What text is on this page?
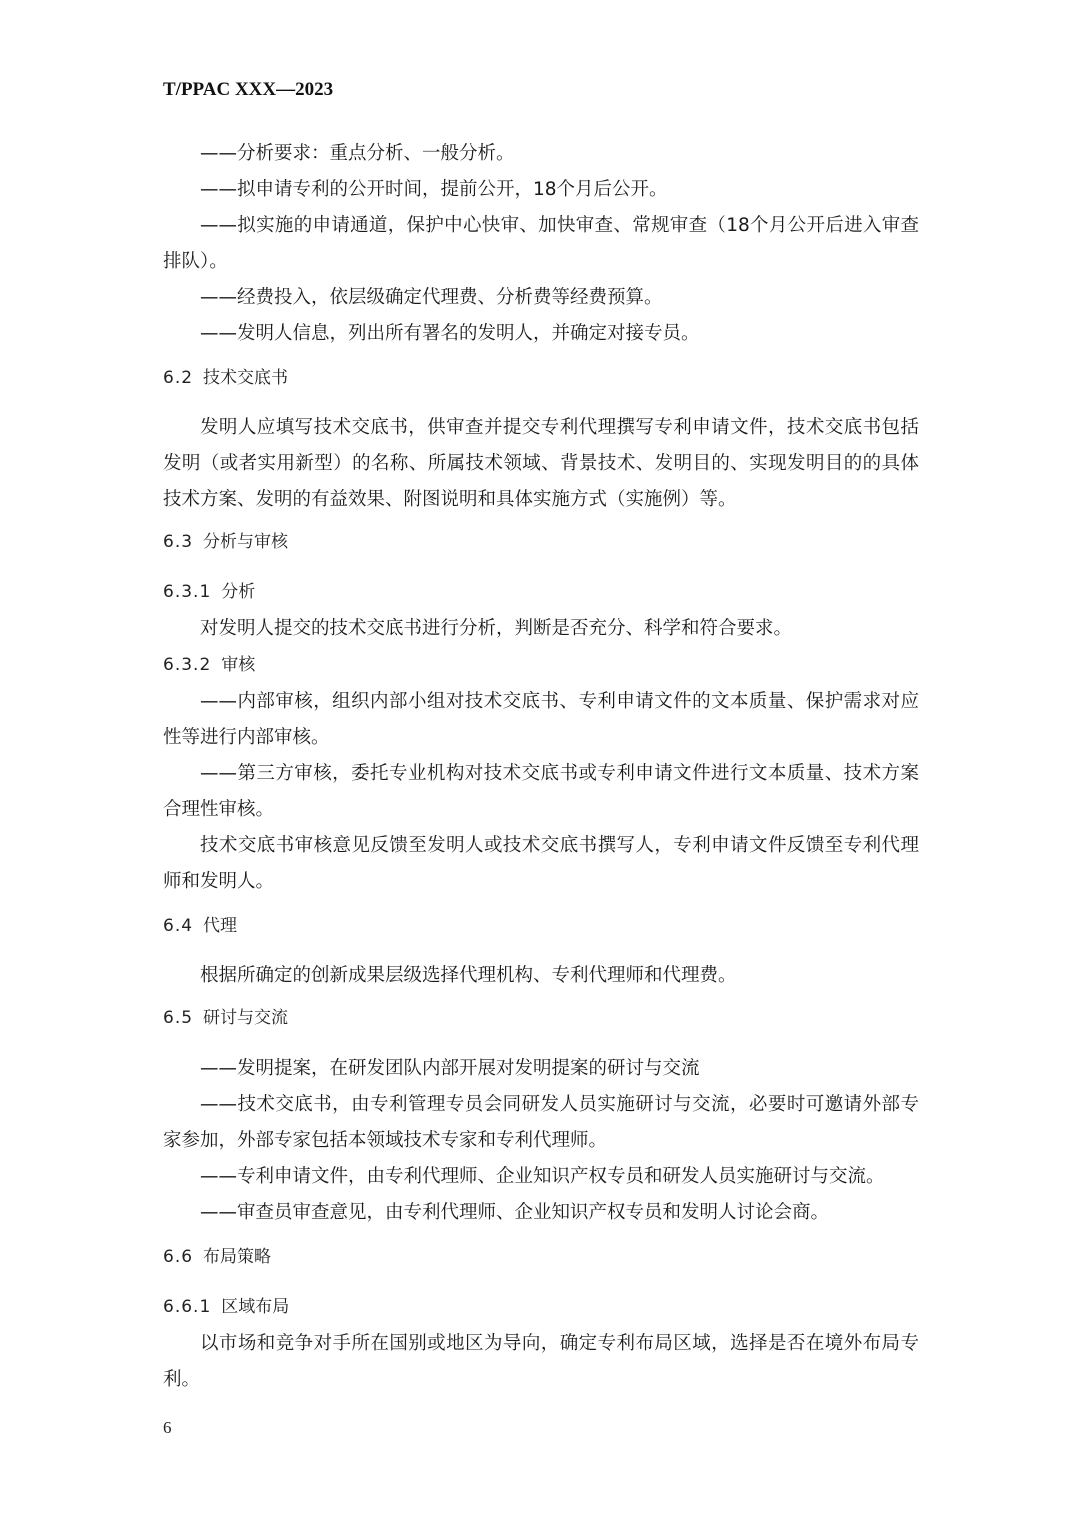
T/PPAC XXX—2023

——分析要求：重点分析、一般分析。

——拟申请专利的公开时间，提前公开，18个月后公开。

——拟实施的申请通道，保护中心快审、加快审查、常规审查（18个月公开后进入审查排队）。

——经费投入，依层级确定代理费、分析费等经费预算。

——发明人信息，列出所有署名的发明人，并确定对接专员。

6.2 技术交底书

发明人应填写技术交底书，供审查并提交专利代理撰写专利申请文件，技术交底书包括发明（或者实用新型）的名称、所属技术领域、背景技术、发明目的、实现发明目的的具体技术方案、发明的有益效果、附图说明和具体实施方式（实施例）等。

6.3 分析与审核

6.3.1 分析

对发明人提交的技术交底书进行分析，判断是否充分、科学和符合要求。

6.3.2 审核

——内部审核，组织内部小组对技术交底书、专利申请文件的文本质量、保护需求对应性等进行内部审核。

——第三方审核，委托专业机构对技术交底书或专利申请文件进行文本质量、技术方案合理性审核。

技术交底书审核意见反馈至发明人或技术交底书撰写人，专利申请文件反馈至专利代理师和发明人。

6.4 代理

根据所确定的创新成果层级选择代理机构、专利代理师和代理费。

6.5 研讨与交流

——发明提案，在研发团队内部开展对发明提案的研讨与交流

——技术交底书，由专利管理专员会同研发人员实施研讨与交流，必要时可邀请外部专家参加，外部专家包括本领域技术专家和专利代理师。

——专利申请文件，由专利代理师、企业知识产权专员和研发人员实施研讨与交流。

——审查员审查意见，由专利代理师、企业知识产权专员和发明人讨论会商。

6.6 布局策略

6.6.1 区域布局

以市场和竞争对手所在国别或地区为导向，确定专利布局区域，选择是否在境外布局专利。

6
